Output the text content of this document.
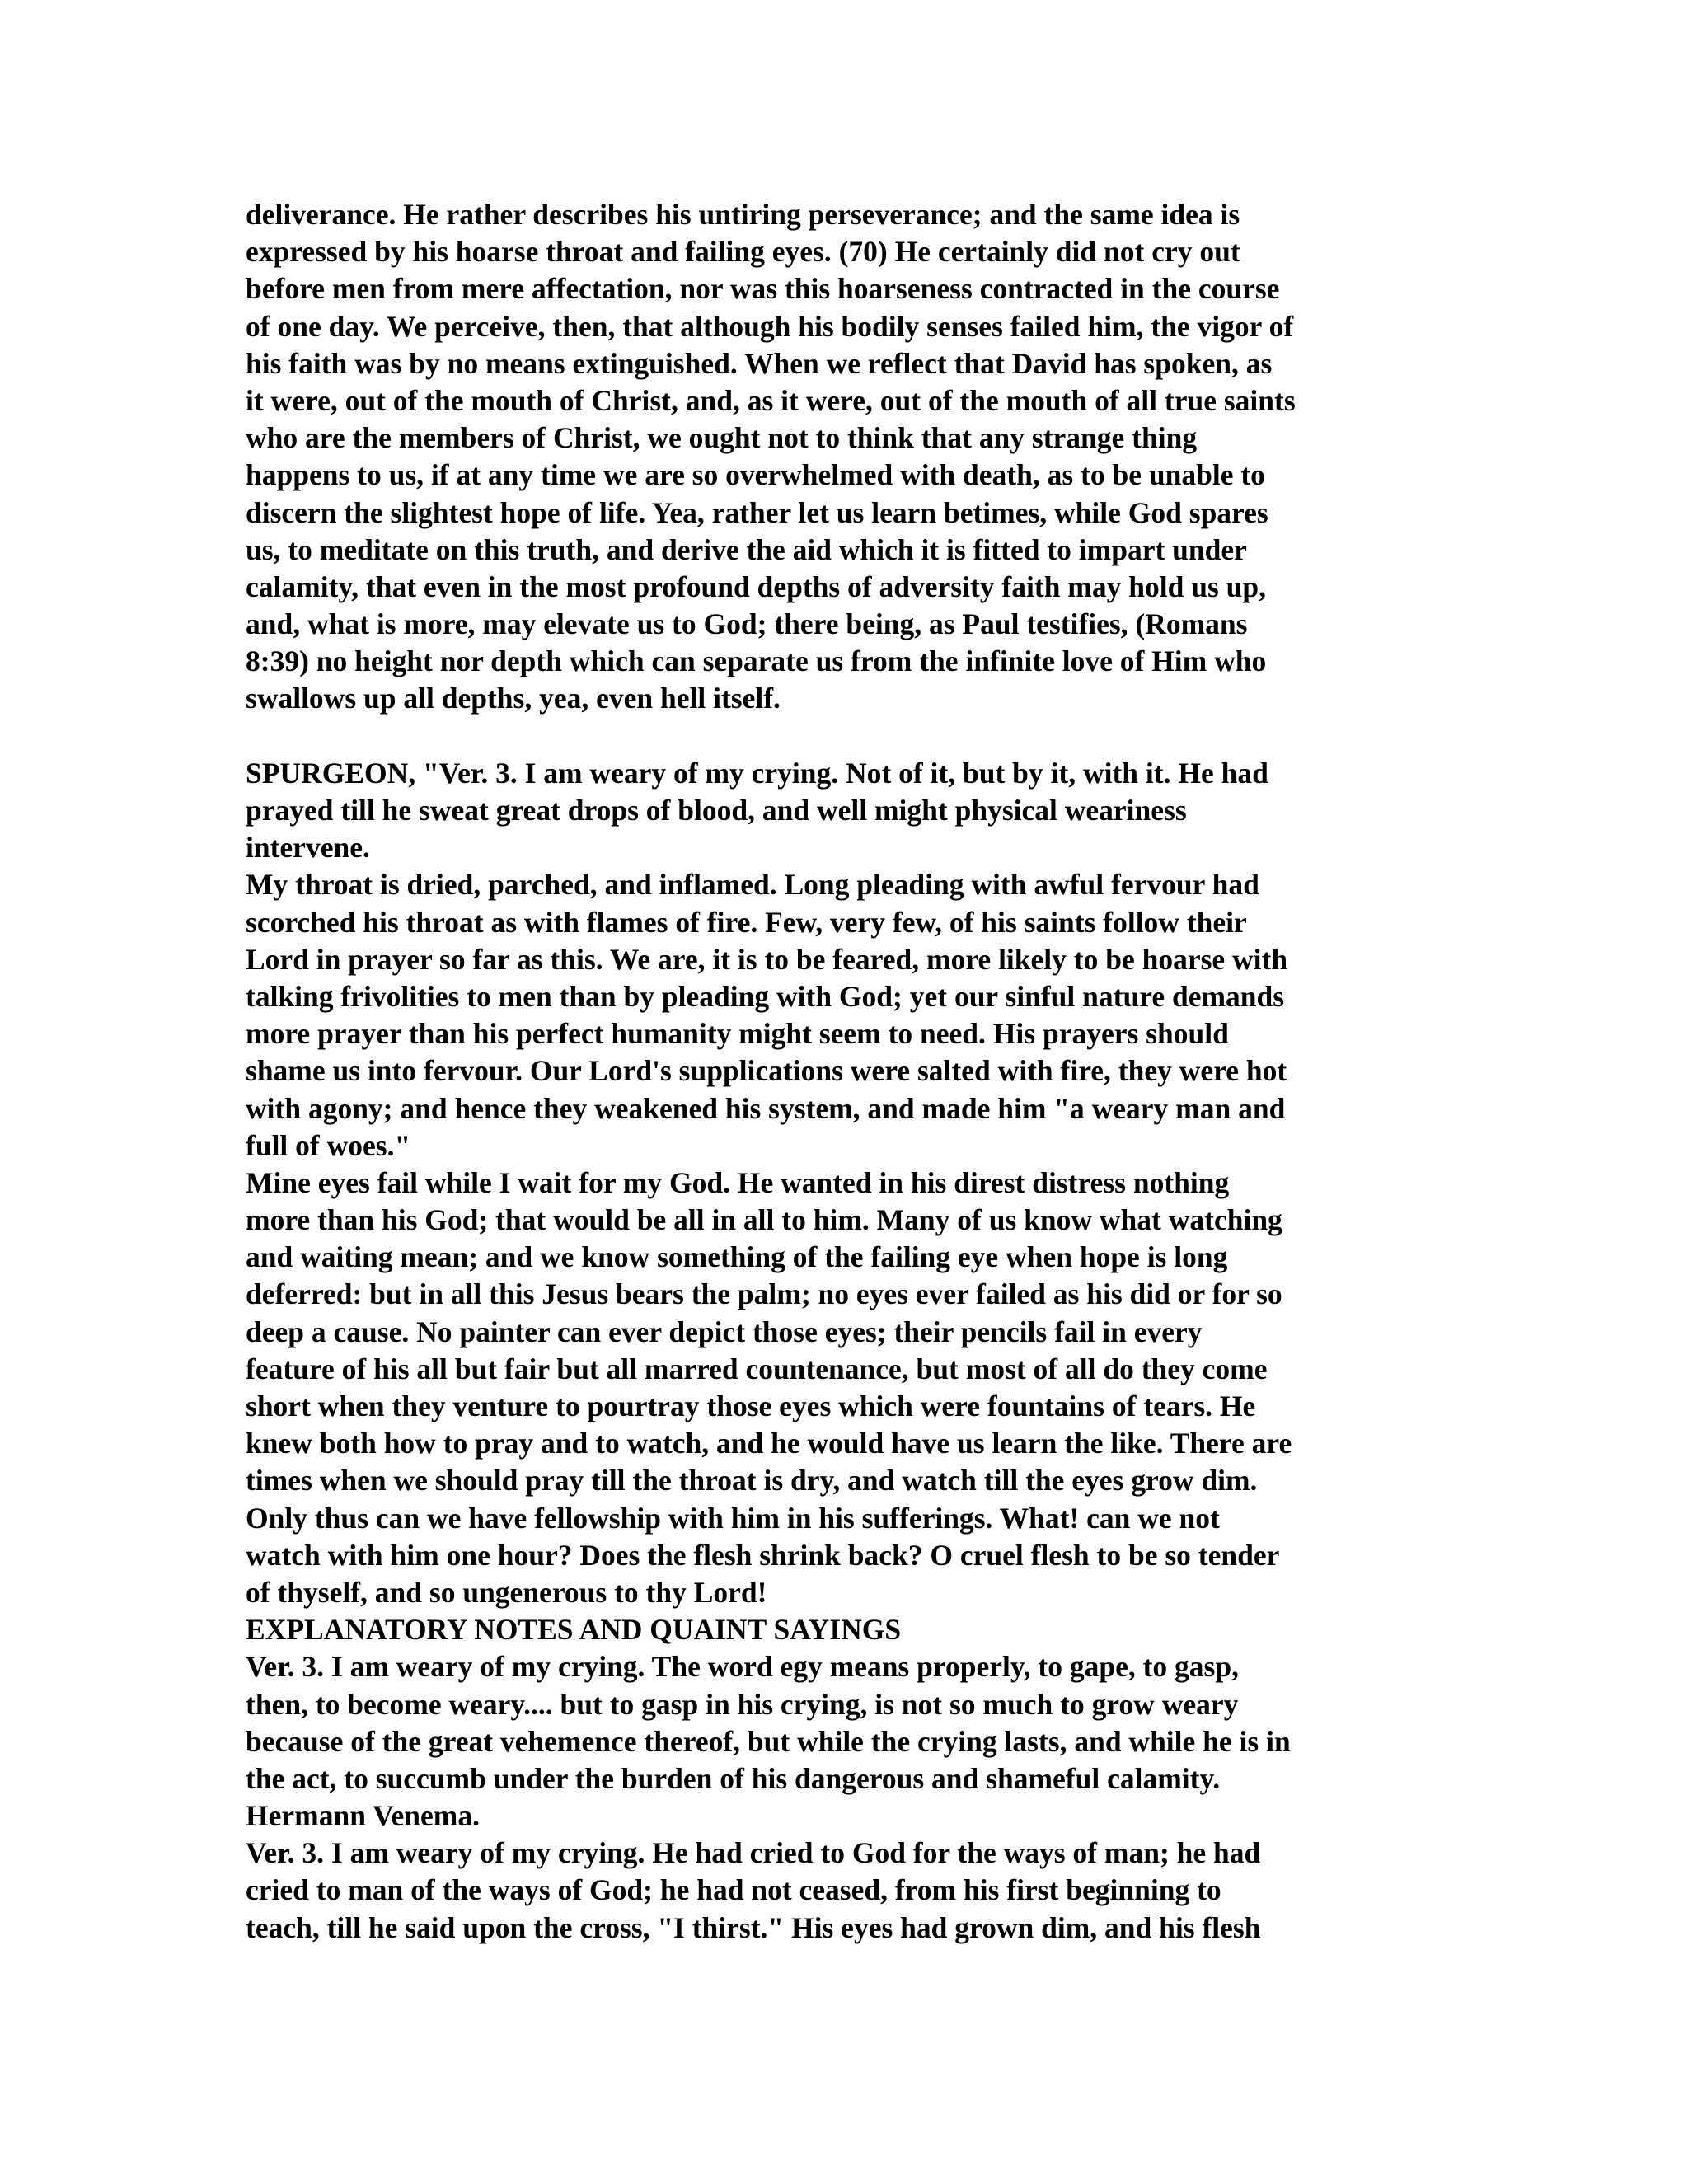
deliverance. He rather describes his untiring perseverance; and the same idea is
expressed by his hoarse throat and failing eyes. (70) He certainly did not cry out
before men from mere affectation, nor was this hoarseness contracted in the course
of one day. We perceive, then, that although his bodily senses failed him, the vigor of
his faith was by no means extinguished. When we reflect that David has spoken, as
it were, out of the mouth of Christ, and, as it were, out of the mouth of all true saints
who are the members of Christ, we ought not to think that any strange thing
happens to us, if at any time we are so overwhelmed with death, as to be unable to
discern the slightest hope of life. Yea, rather let us learn betimes, while God spares
us, to meditate on this truth, and derive the aid which it is fitted to impart under
calamity, that even in the most profound depths of adversity faith may hold us up,
and, what is more, may elevate us to God; there being, as Paul testifies, (Romans
8:39) no height nor depth which can separate us from the infinite love of Him who
swallows up all depths, yea, even hell itself.
SPURGEON, "Ver. 3. I am weary of my crying. Not of it, but by it, with it. He had
prayed till he sweat great drops of blood, and well might physical weariness
intervene.
My throat is dried, parched, and inflamed. Long pleading with awful fervour had
scorched his throat as with flames of fire. Few, very few, of his saints follow their
Lord in prayer so far as this. We are, it is to be feared, more likely to be hoarse with
talking frivolities to men than by pleading with God; yet our sinful nature demands
more prayer than his perfect humanity might seem to need. His prayers should
shame us into fervour. Our Lord's supplications were salted with fire, they were hot
with agony; and hence they weakened his system, and made him "a weary man and
full of woes."
Mine eyes fail while I wait for my God. He wanted in his direst distress nothing
more than his God; that would be all in all to him. Many of us know what watching
and waiting mean; and we know something of the failing eye when hope is long
deferred: but in all this Jesus bears the palm; no eyes ever failed as his did or for so
deep a cause. No painter can ever depict those eyes; their pencils fail in every
feature of his all but fair but all marred countenance, but most of all do they come
short when they venture to pourtray those eyes which were fountains of tears. He
knew both how to pray and to watch, and he would have us learn the like. There are
times when we should pray till the throat is dry, and watch till the eyes grow dim.
Only thus can we have fellowship with him in his sufferings. What! can we not
watch with him one hour? Does the flesh shrink back? O cruel flesh to be so tender
of thyself, and so ungenerous to thy Lord!
EXPLANATORY NOTES AND QUAINT SAYINGS
Ver. 3. I am weary of my crying. The word egy means properly, to gape, to gasp,
then, to become weary.... but to gasp in his crying, is not so much to grow weary
because of the great vehemence thereof, but while the crying lasts, and while he is in
the act, to succumb under the burden of his dangerous and shameful calamity.
Hermann Venema.
Ver. 3. I am weary of my crying. He had cried to God for the ways of man; he had
cried to man of the ways of God; he had not ceased, from his first beginning to
teach, till he said upon the cross, "I thirst." His eyes had grown dim, and his flesh
